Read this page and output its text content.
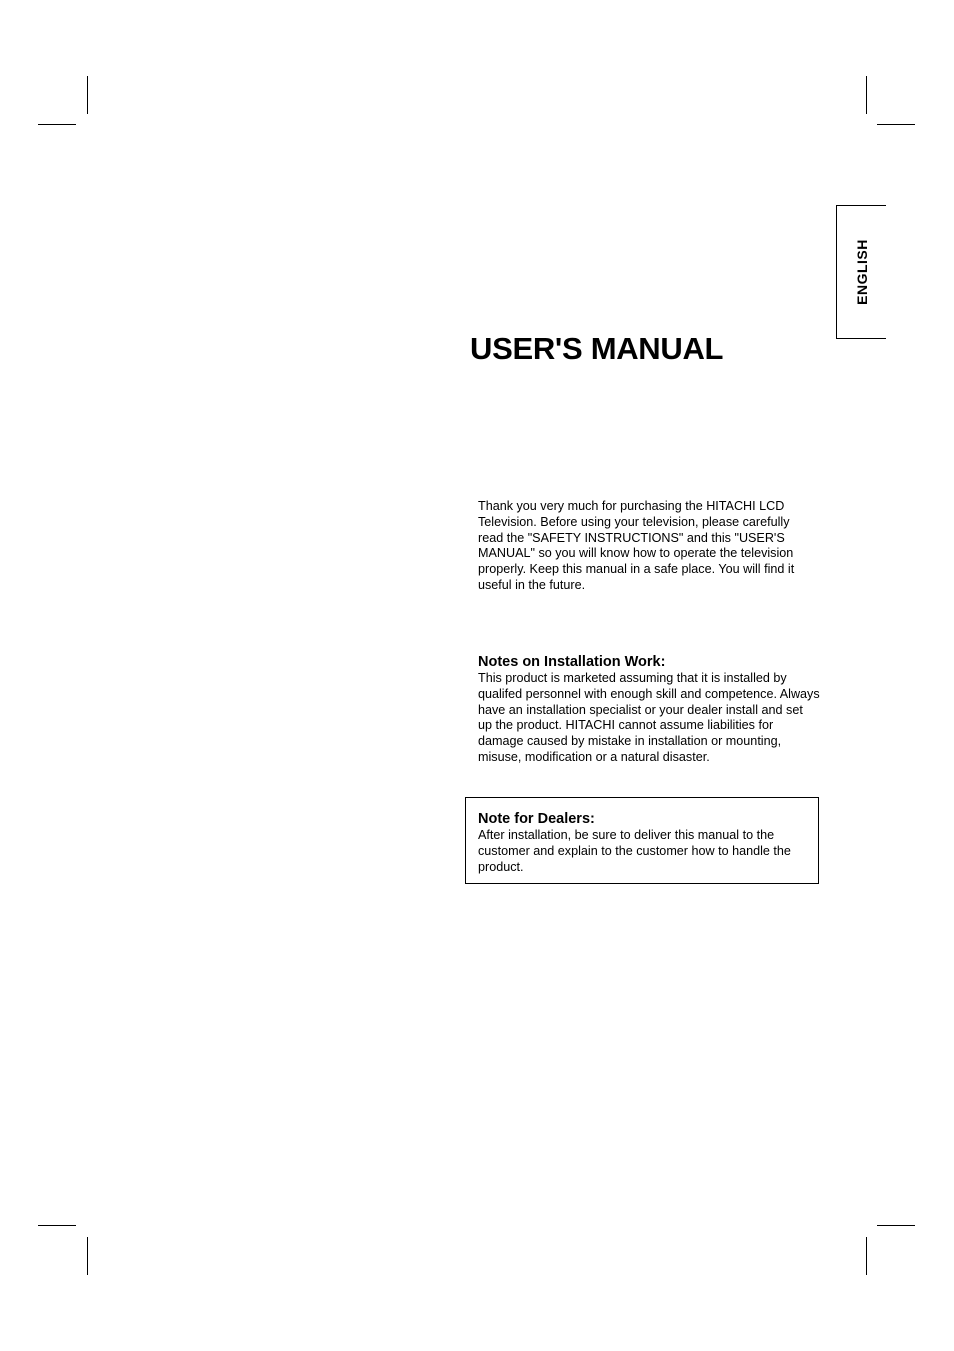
ENGLISH
USER'S MANUAL

Thank you very much for purchasing the HITACHI LCD Television. Before using your television, please carefully read the "SAFETY INSTRUCTIONS" and this "USER'S MANUAL" so you will know how to operate the television properly. Keep this manual in a safe place. You will find it useful in the future.

Notes on Installation Work:

This product is marketed assuming that it is installed by qualifed personnel with enough skill and competence. Always have an installation specialist or your dealer install and set up the product. HITACHI cannot assume liabilities for damage caused by mistake in installation or mounting, misuse, modification or a natural disaster.

Note for Dealers:

After installation, be sure to deliver this manual to the customer and explain to the customer how to handle the product.
